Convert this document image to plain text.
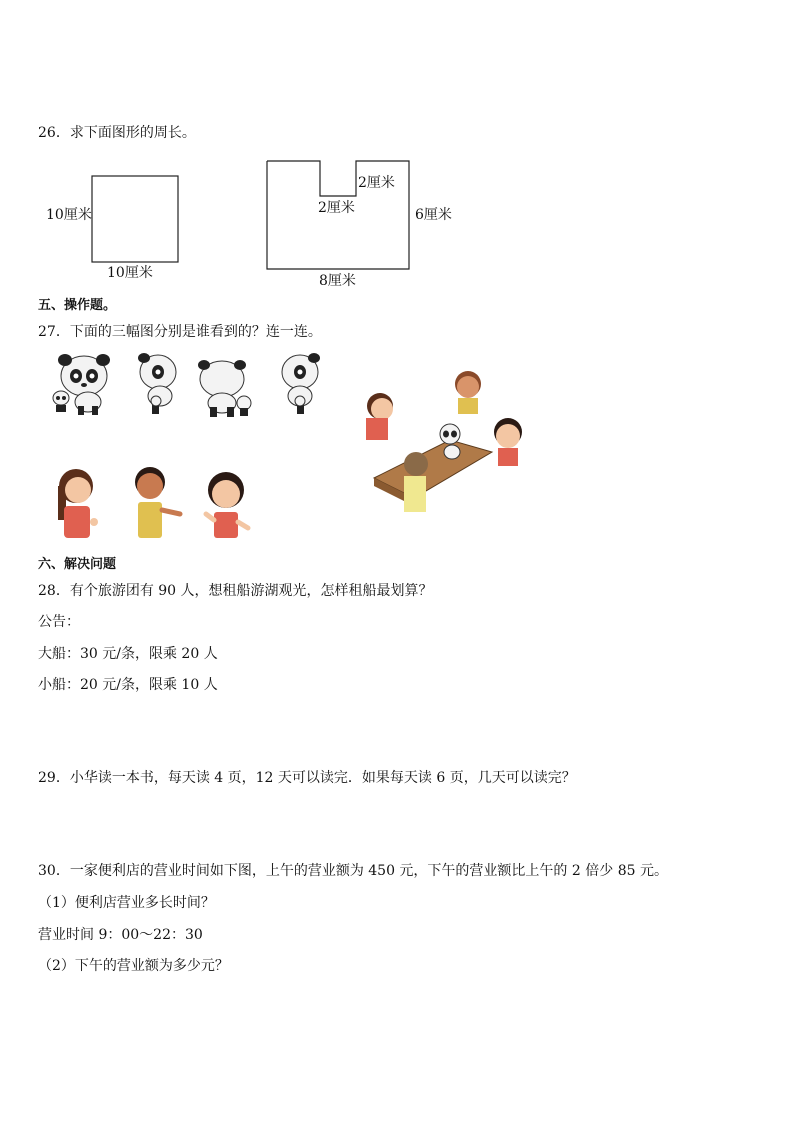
26．求下面图形的周长。
10厘米
10厘米
2厘米
2厘米	6厘米
8厘米
五、操作题。
27．下面的三幅图分别是谁看到的？连一连。
六、解决问题
28．有个旅游团有 90 人，想租船游湖观光，怎样租船最划算？
公告：
大船：30 元/条，限乘 20 人
小船：20 元/条，限乘 10 人
29．小华读一本书，每天读 4 页，12 天可以读完．如果每天读 6 页，几天可以读完？
30．一家便利店的营业时间如下图，上午的营业额为 450 元，下午的营业额比上午的 2 倍少 85 元。
（1）便利店营业多长时间？
营业时间 9：00～22：30
（2）下午的营业额为多少元？
